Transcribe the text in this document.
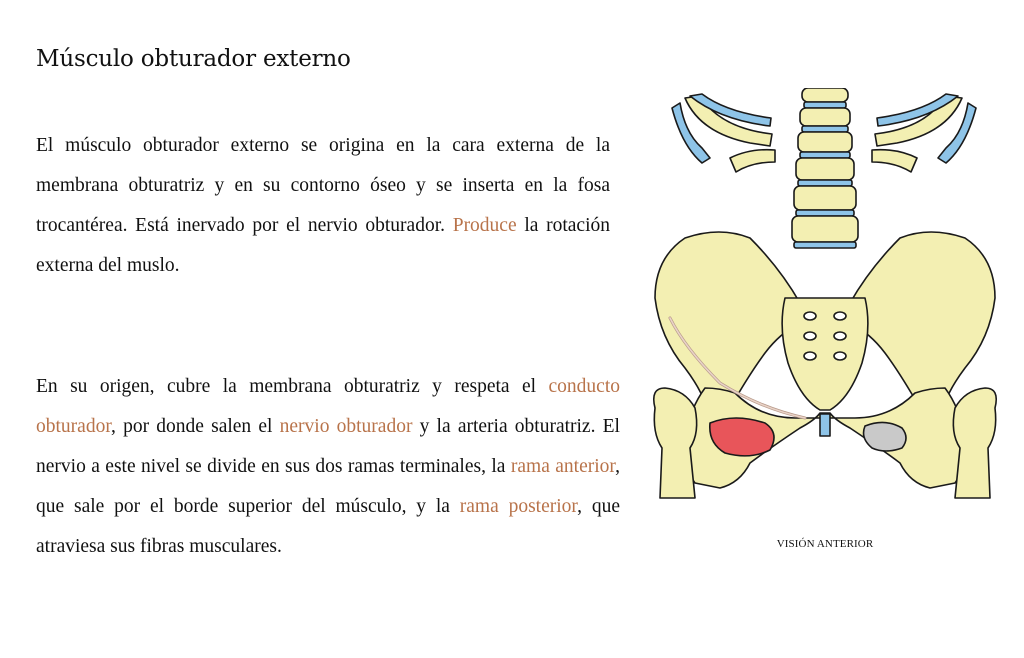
Músculo obturador externo

El músculo obturador externo se origina en la cara externa de la membrana obturatriz y en su contorno óseo y se inserta en la fosa trocantérea. Está inervado por el nervio obturador. Produce la rotación externa del muslo.

En su origen, cubre la membrana obturatriz y respeta el conducto obturador, por donde salen el nervio obturador y la arteria obturatriz. El nervio a este nivel se divide en sus dos ramas terminales, la rama anterior, que sale por el borde superior del músculo, y la rama posterior, que atraviesa sus fibras musculares.	VISIÓN ANTERIOR
